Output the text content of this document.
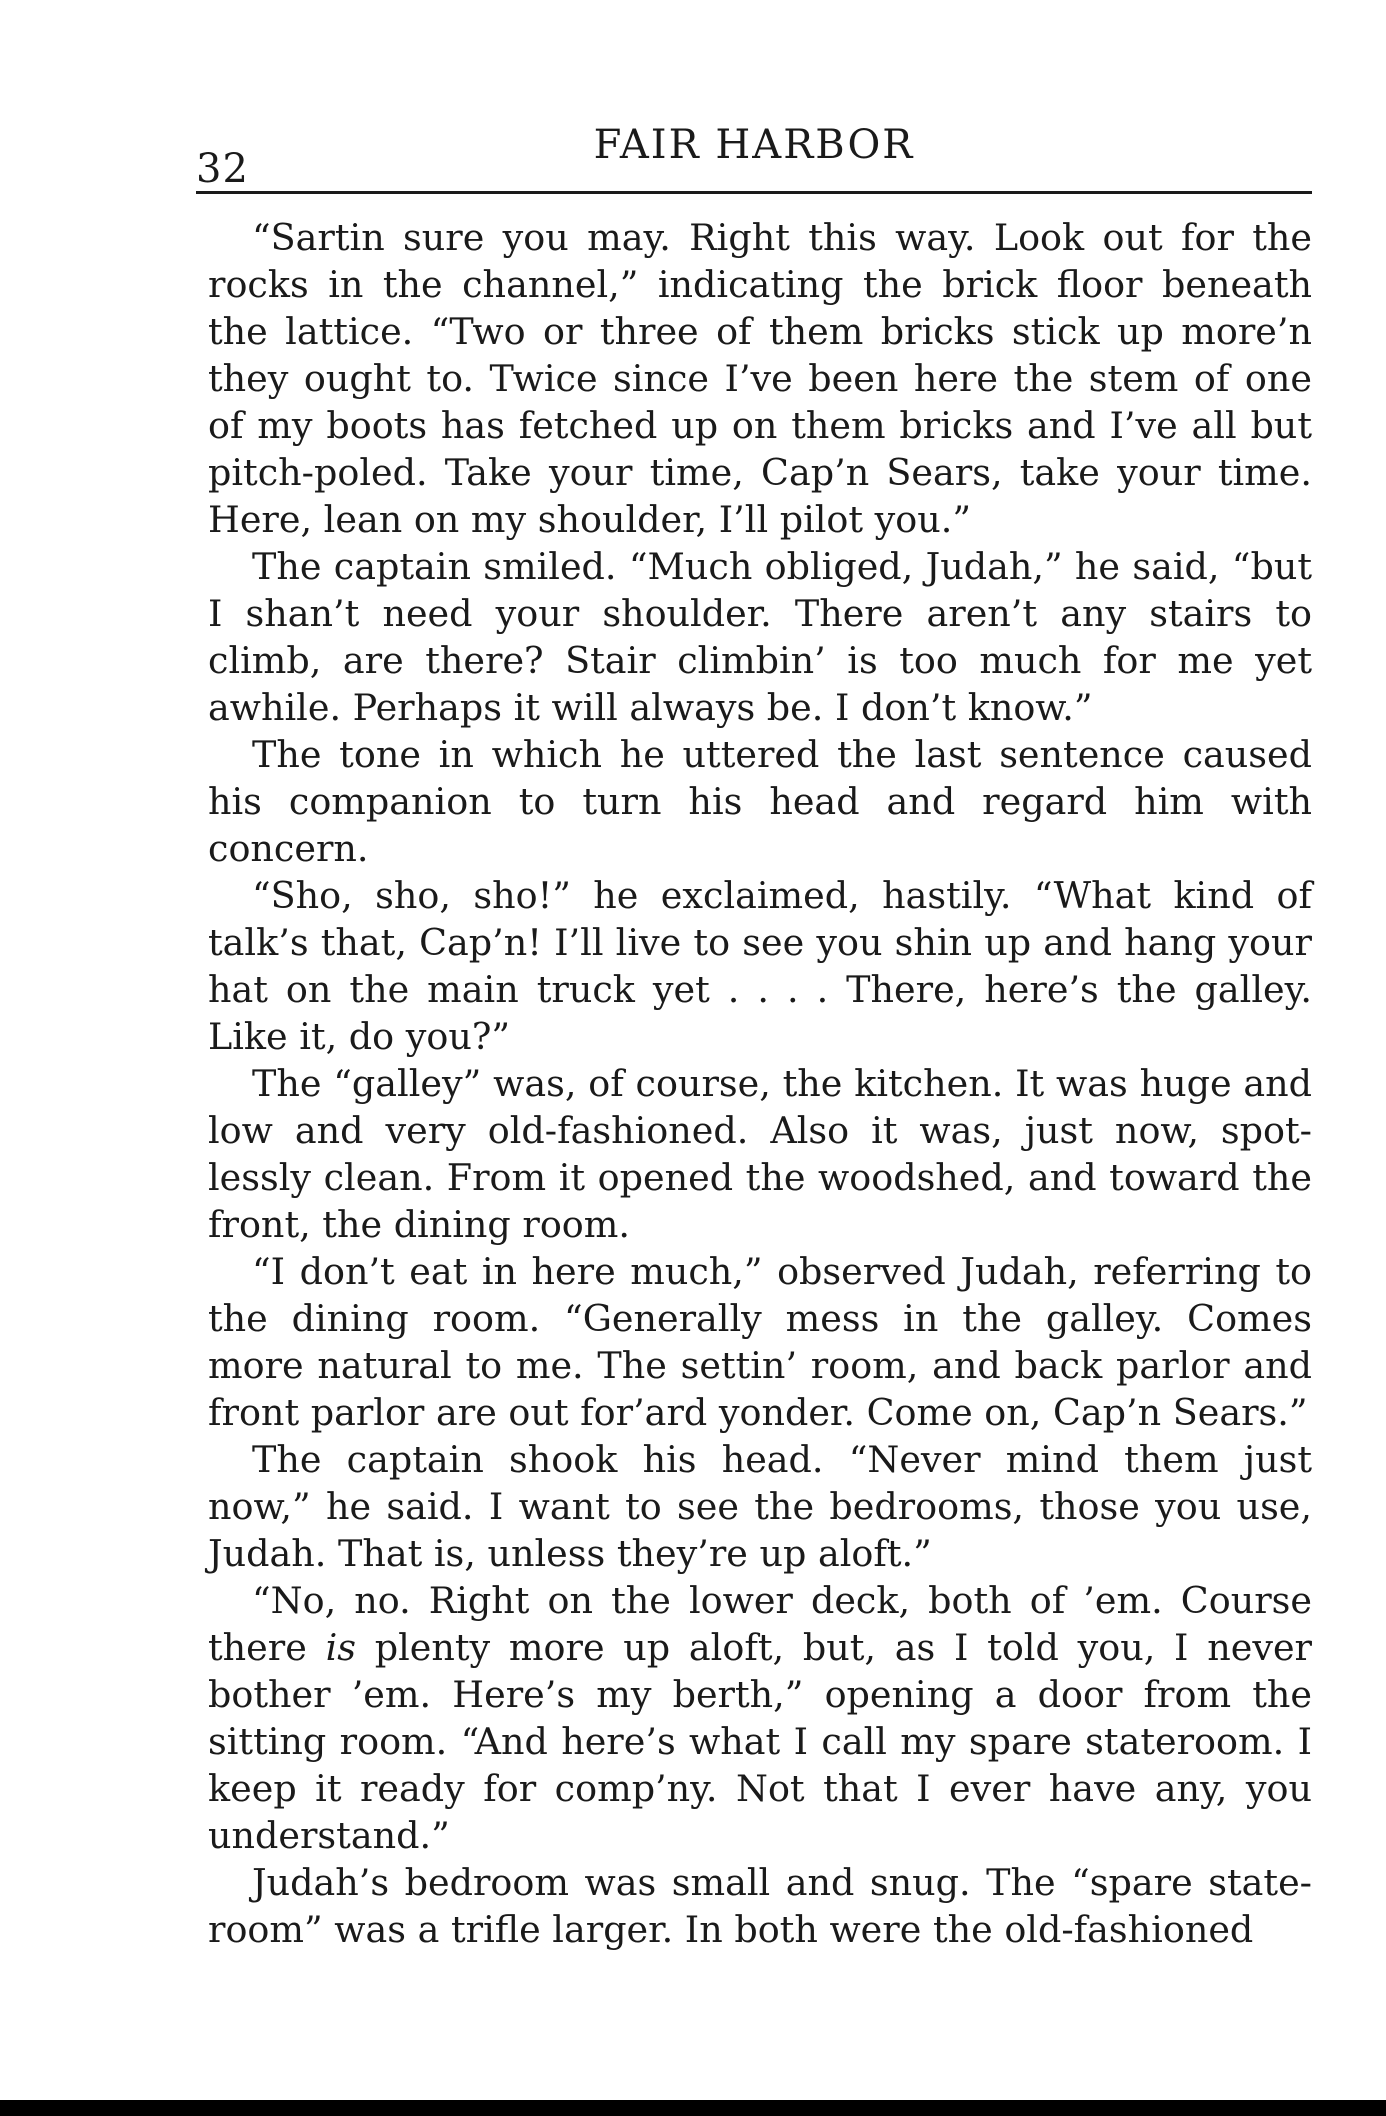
32
FAIR HARBOR

“Sartin sure you may. Right this way. Look out for the rocks in the channel,” indicating the brick floor beneath the lattice. “Two or three of them bricks stick up more’n they ought to. Twice since I’ve been here the stem of one of my boots has fetched up on them bricks and I’ve all but pitch-poled. Take your time, Cap’n Sears, take your time. Here, lean on my shoulder, I’ll pilot you.”

The captain smiled. “Much obliged, Judah,” he said, “but I shan’t need your shoulder. There aren’t any stairs to climb, are there? Stair climbin’ is too much for me yet awhile. Perhaps it will always be. I don’t know.”

The tone in which he uttered the last sentence caused his companion to turn his head and regard him with concern.

“Sho, sho, sho!” he exclaimed, hastily. “What kind of talk’s that, Cap’n! I’ll live to see you shin up and hang your hat on the main truck yet . . . . There, here’s the galley. Like it, do you?”

The “galley” was, of course, the kitchen. It was huge and low and very old-fashioned. Also it was, just now, spot-lessly clean. From it opened the woodshed, and toward the front, the dining room.

“I don’t eat in here much,” observed Judah, referring to the dining room. “Generally mess in the galley. Comes more natural to me. The settin’ room, and back parlor and front parlor are out for’ard yonder. Come on, Cap’n Sears.”

The captain shook his head. “Never mind them just now,” he said. I want to see the bedrooms, those you use, Judah. That is, unless they’re up aloft.”

“No, no. Right on the lower deck, both of ’em. Course there is plenty more up aloft, but, as I told you, I never bother ’em. Here’s my berth,” opening a door from the sitting room. “And here’s what I call my spare stateroom. I keep it ready for comp’ny. Not that I ever have any, you understand.”

Judah’s bedroom was small and snug. The “spare state-room” was a trifle larger. In both were the old-fashioned
